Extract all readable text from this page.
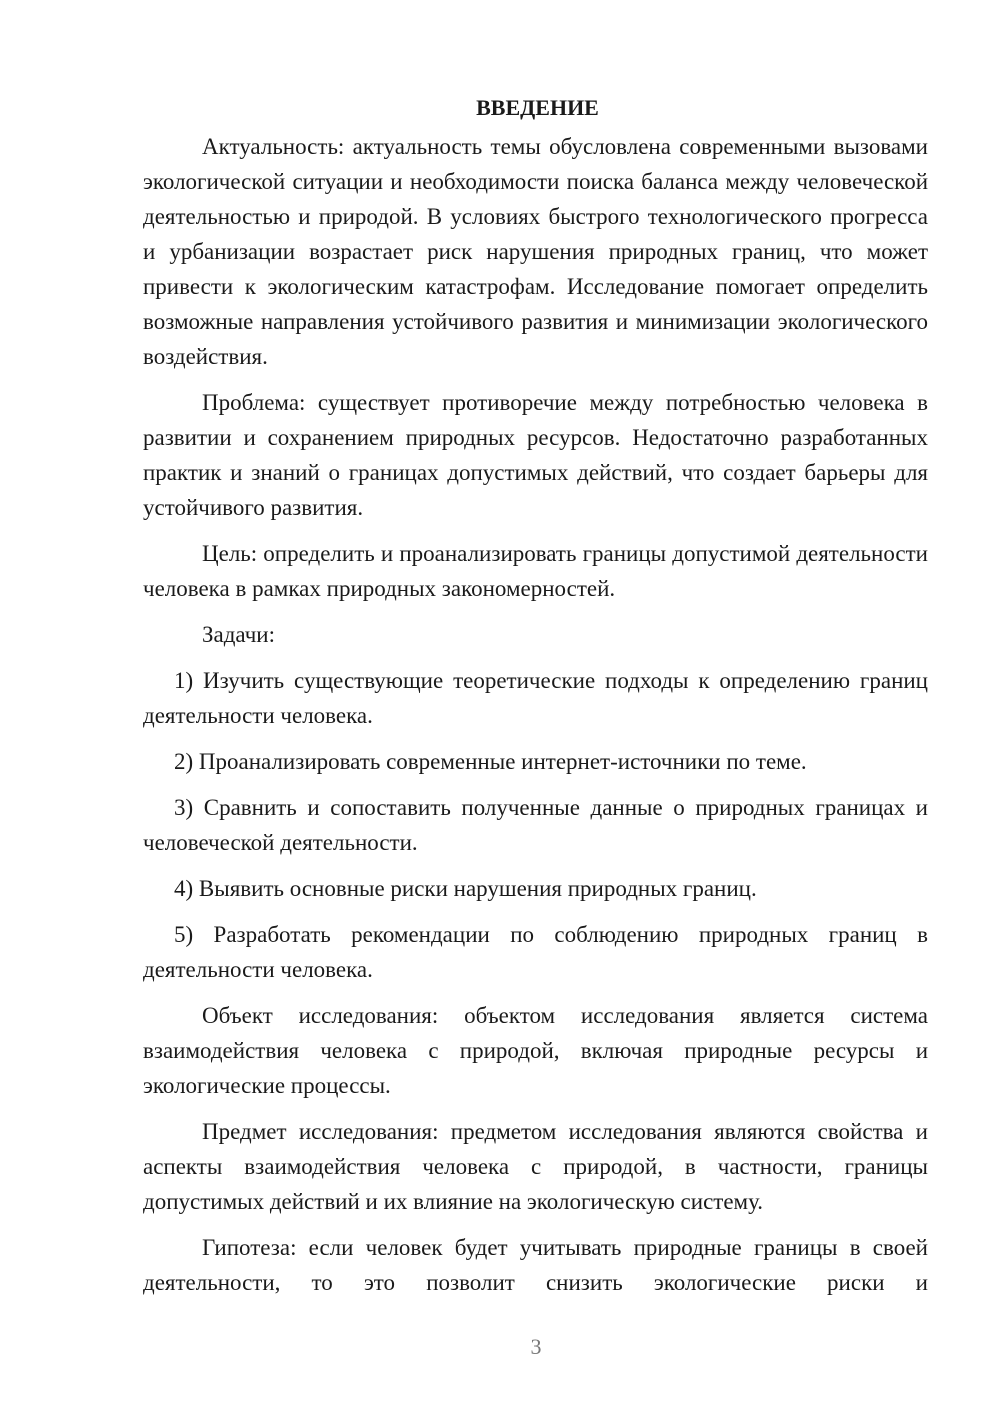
ВВЕДЕНИЕ
Актуальность: актуальность темы обусловлена современными вызовами экологической ситуации и необходимости поиска баланса между человеческой деятельностью и природой. В условиях быстрого технологического прогресса и урбанизации возрастает риск нарушения природных границ, что может привести к экологическим катастрофам. Исследование помогает определить возможные направления устойчивого развития и минимизации экологического воздействия.
Проблема: существует противоречие между потребностью человека в развитии и сохранением природных ресурсов. Недостаточно разработанных практик и знаний о границах допустимых действий, что создает барьеры для устойчивого развития.
Цель: определить и проанализировать границы допустимой деятельности человека в рамках природных закономерностей.
Задачи:
1) Изучить существующие теоретические подходы к определению границ деятельности человека.
2) Проанализировать современные интернет-источники по теме.
3) Сравнить и сопоставить полученные данные о природных границах и человеческой деятельности.
4) Выявить основные риски нарушения природных границ.
5) Разработать рекомендации по соблюдению природных границ в деятельности человека.
Объект исследования: объектом исследования является система взаимодействия человека с природой, включая природные ресурсы и экологические процессы.
Предмет исследования: предметом исследования являются свойства и аспекты взаимодействия человека с природой, в частности, границы допустимых действий и их влияние на экологическую систему.
Гипотеза: если человек будет учитывать природные границы в своей деятельности, то это позволит снизить экологические риски и
3
